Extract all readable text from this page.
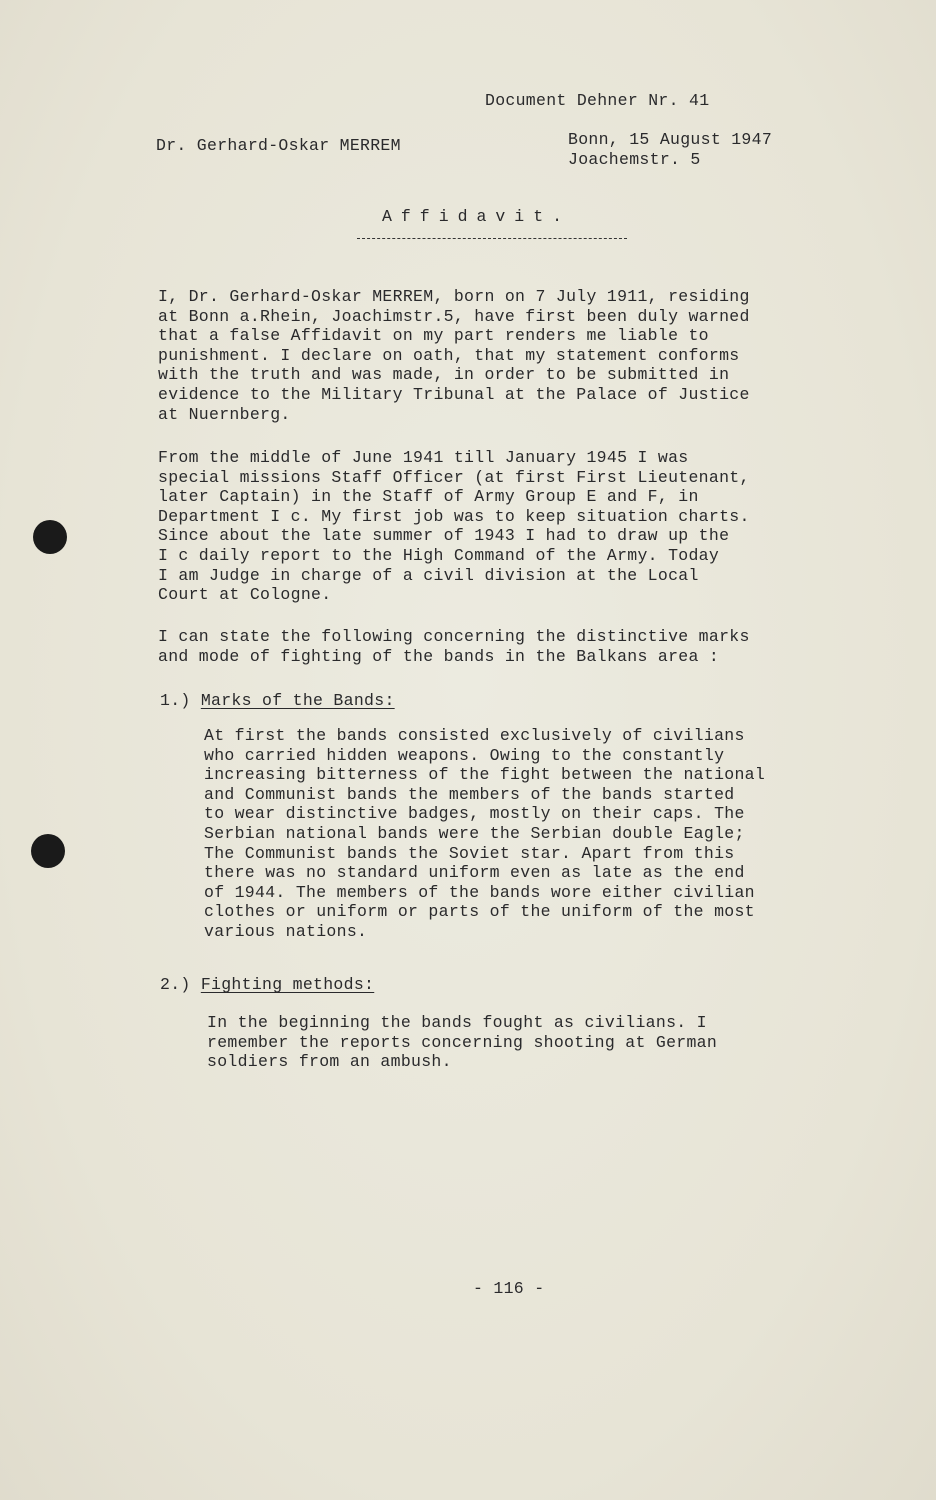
Document Dehner Nr. 41
Dr. Gerhard-Oskar MERREM	Bonn, 15 August 1947
Joachemstr. 5
Affidavit.
I, Dr. Gerhard-Oskar MERREM, born on 7 July 1911, residing
at Bonn a.Rhein, Joachimstr.5, have first been duly warned
that a false Affidavit on my part renders me liable to
punishment. I declare on oath, that my statement conforms
with the truth and was made, in order to be submitted in
evidence to the Military Tribunal at the Palace of Justice
at Nuernberg.
From the middle of June 1941 till January 1945 I was
special missions Staff Officer (at first First Lieutenant,
later Captain) in the Staff of Army Group E and F, in
Department I c. My first job was to keep situation charts.
Since about the late summer of 1943 I had to draw up the
I c daily report to the High Command of the Army. Today
I am Judge in charge of a civil division at the Local
Court at Cologne.
I can state the following concerning the distinctive marks
and mode of fighting of the bands in the Balkans area :
1.) Marks of the Bands:
At first the bands consisted exclusively of civilians
who carried hidden weapons. Owing to the constantly
increasing bitterness of the fight between the national
and Communist bands the members of the bands started
to wear distinctive badges, mostly on their caps. The
Serbian national bands were the Serbian double Eagle;
The Communist bands the Soviet star. Apart from this
there was no standard uniform even as late as the end
of 1944. The members of the bands wore either civilian
clothes or uniform or parts of the uniform of the most
various nations.
2.) Fighting methods:
In the beginning the bands fought as civilians. I
remember the reports concerning shooting at German
soldiers from an ambush.
- 116 -
